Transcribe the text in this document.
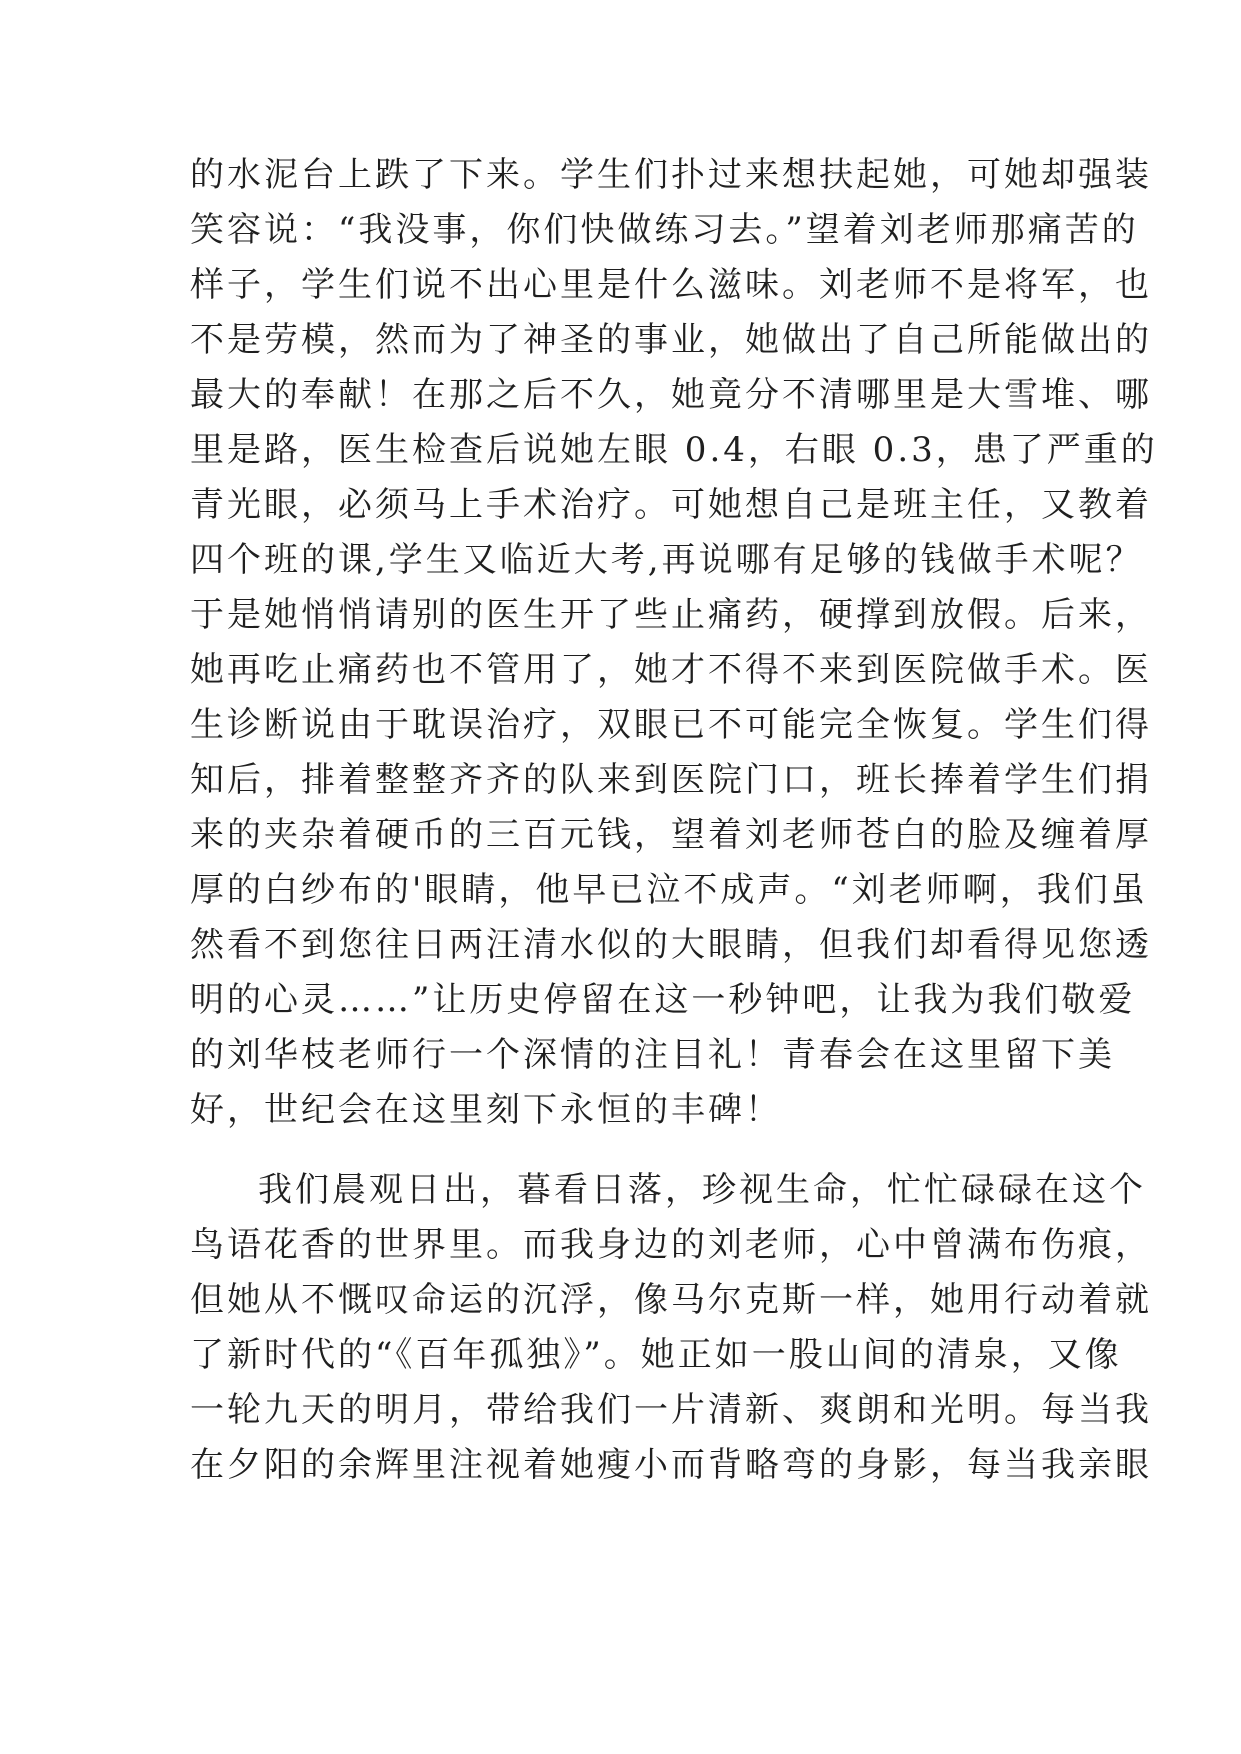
的水泥台上跌了下来。学生们扑过来想扶起她，可她却强装
笑容说：“我没事，你们快做练习去。”望着刘老师那痛苦的
样子，学生们说不出心里是什么滋味。刘老师不是将军，也
不是劳模，然而为了神圣的事业，她做出了自己所能做出的
最大的奉献！在那之后不久，她竟分不清哪里是大雪堆、哪
里是路，医生检查后说她左眼 0.4，右眼 0.3，患了严重的
青光眼，必须马上手术治疗。可她想自己是班主任，又教着
四个班的课,学生又临近大考,再说哪有足够的钱做手术呢？
于是她悄悄请别的医生开了些止痛药，硬撑到放假。后来，
她再吃止痛药也不管用了，她才不得不来到医院做手术。医
生诊断说由于耽误治疗，双眼已不可能完全恢复。学生们得
知后，排着整整齐齐的队来到医院门口，班长捧着学生们捐
来的夹杂着硬币的三百元钱，望着刘老师苍白的脸及缠着厚
厚的白纱布的'眼睛，他早已泣不成声。“刘老师啊，我们虽
然看不到您往日两汪清水似的大眼睛，但我们却看得见您透
明的心灵……”让历史停留在这一秒钟吧，让我为我们敬爱
的刘华枝老师行一个深情的注目礼！青春会在这里留下美
好，世纪会在这里刻下永恒的丰碑！
我们晨观日出，暮看日落，珍视生命，忙忙碌碌在这个
鸟语花香的世界里。而我身边的刘老师，心中曾满布伤痕，
但她从不慨叹命运的沉浮，像马尔克斯一样，她用行动着就
了新时代的“《百年孤独》”。她正如一股山间的清泉，又像
一轮九天的明月，带给我们一片清新、爽朗和光明。每当我
在夕阳的余辉里注视着她瘦小而背略弯的身影，每当我亲眼
